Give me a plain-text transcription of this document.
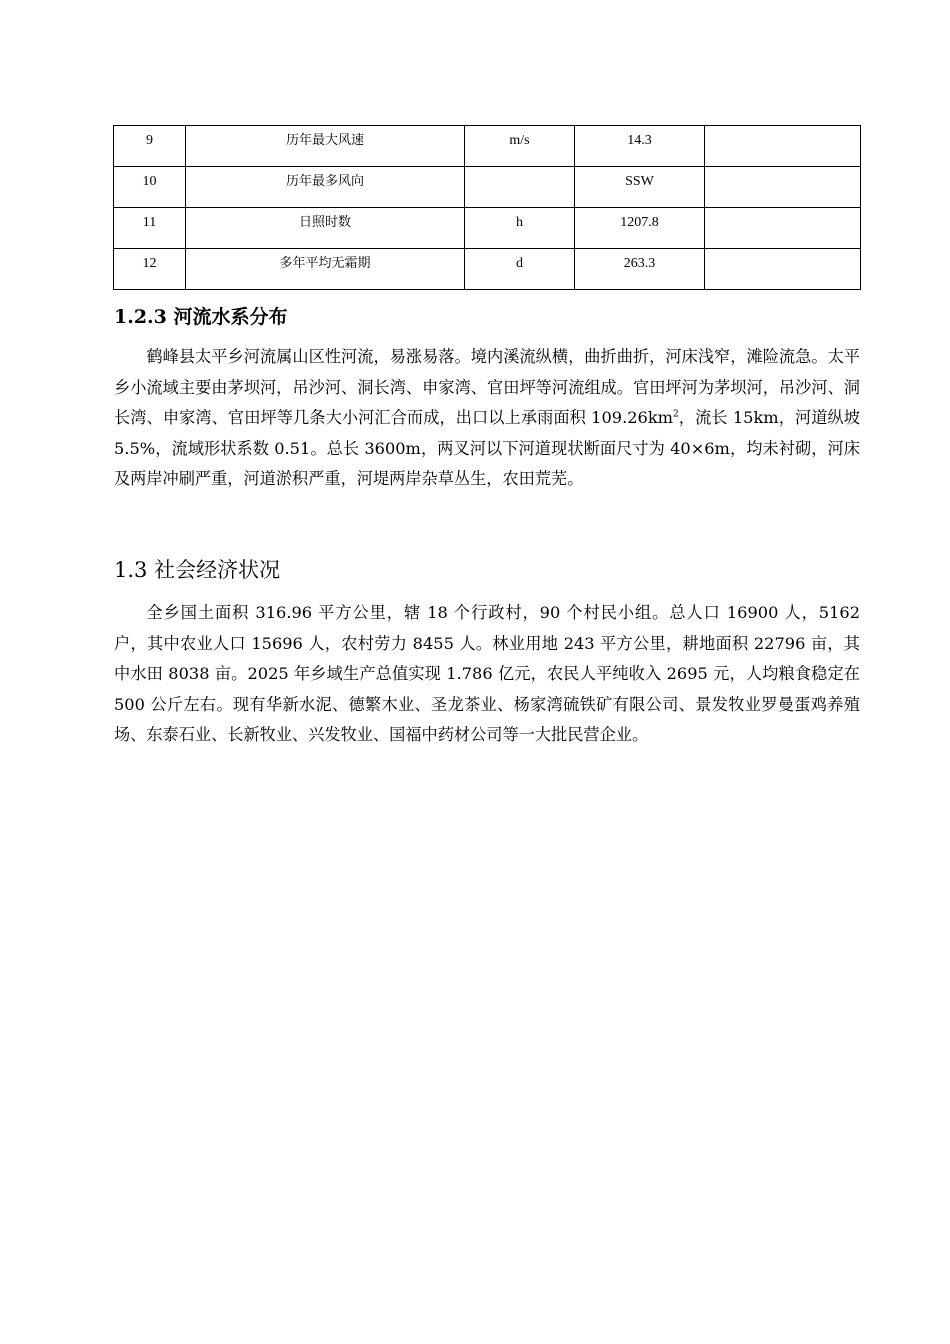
9	历年最大风速	m/s	14.3	
10	历年最多风向		SSW	
11	日照时数	h	1207.8	
12	多年平均无霜期	d	263.3	
1.2.3 河流水系分布

鹤峰县太平乡河流属山区性河流，易涨易落。境内溪流纵横，曲折曲折，河床浅窄，滩险流急。太平乡小流域主要由茅坝河，吊沙河、洞长湾、申家湾、官田坪等河流组成。官田坪河为茅坝河，吊沙河、洞长湾、申家湾、官田坪等几条大小河汇合而成，出口以上承雨面积 $109.26km^2$，流长 15km，河道纵坡 5.5%，流域形状系数 0.51。总长 3600m，两叉河以下河道现状断面尺寸为 40×6m，均未衬砌，河床及两岸冲刷严重，河道淤积严重，河堤两岸杂草丛生，农田荒芜。

1.3 社会经济状况

全乡国土面积 316.96 平方公里，辖 18 个行政村，90 个村民小组。总人口 16900 人，5162 户，其中农业人口 15696 人，农村劳力 8455 人。林业用地 243 平方公里，耕地面积 22796 亩，其中水田 8038 亩。2025 年乡域生产总值实现 1.786 亿元，农民人平纯收入 2695 元，人均粮食稳定在 500 公斤左右。现有华新水泥、德繁木业、圣龙茶业、杨家湾硫铁矿有限公司、景发牧业罗曼蛋鸡养殖场、东泰石业、长新牧业、兴发牧业、国福中药材公司等一大批民营企业。
